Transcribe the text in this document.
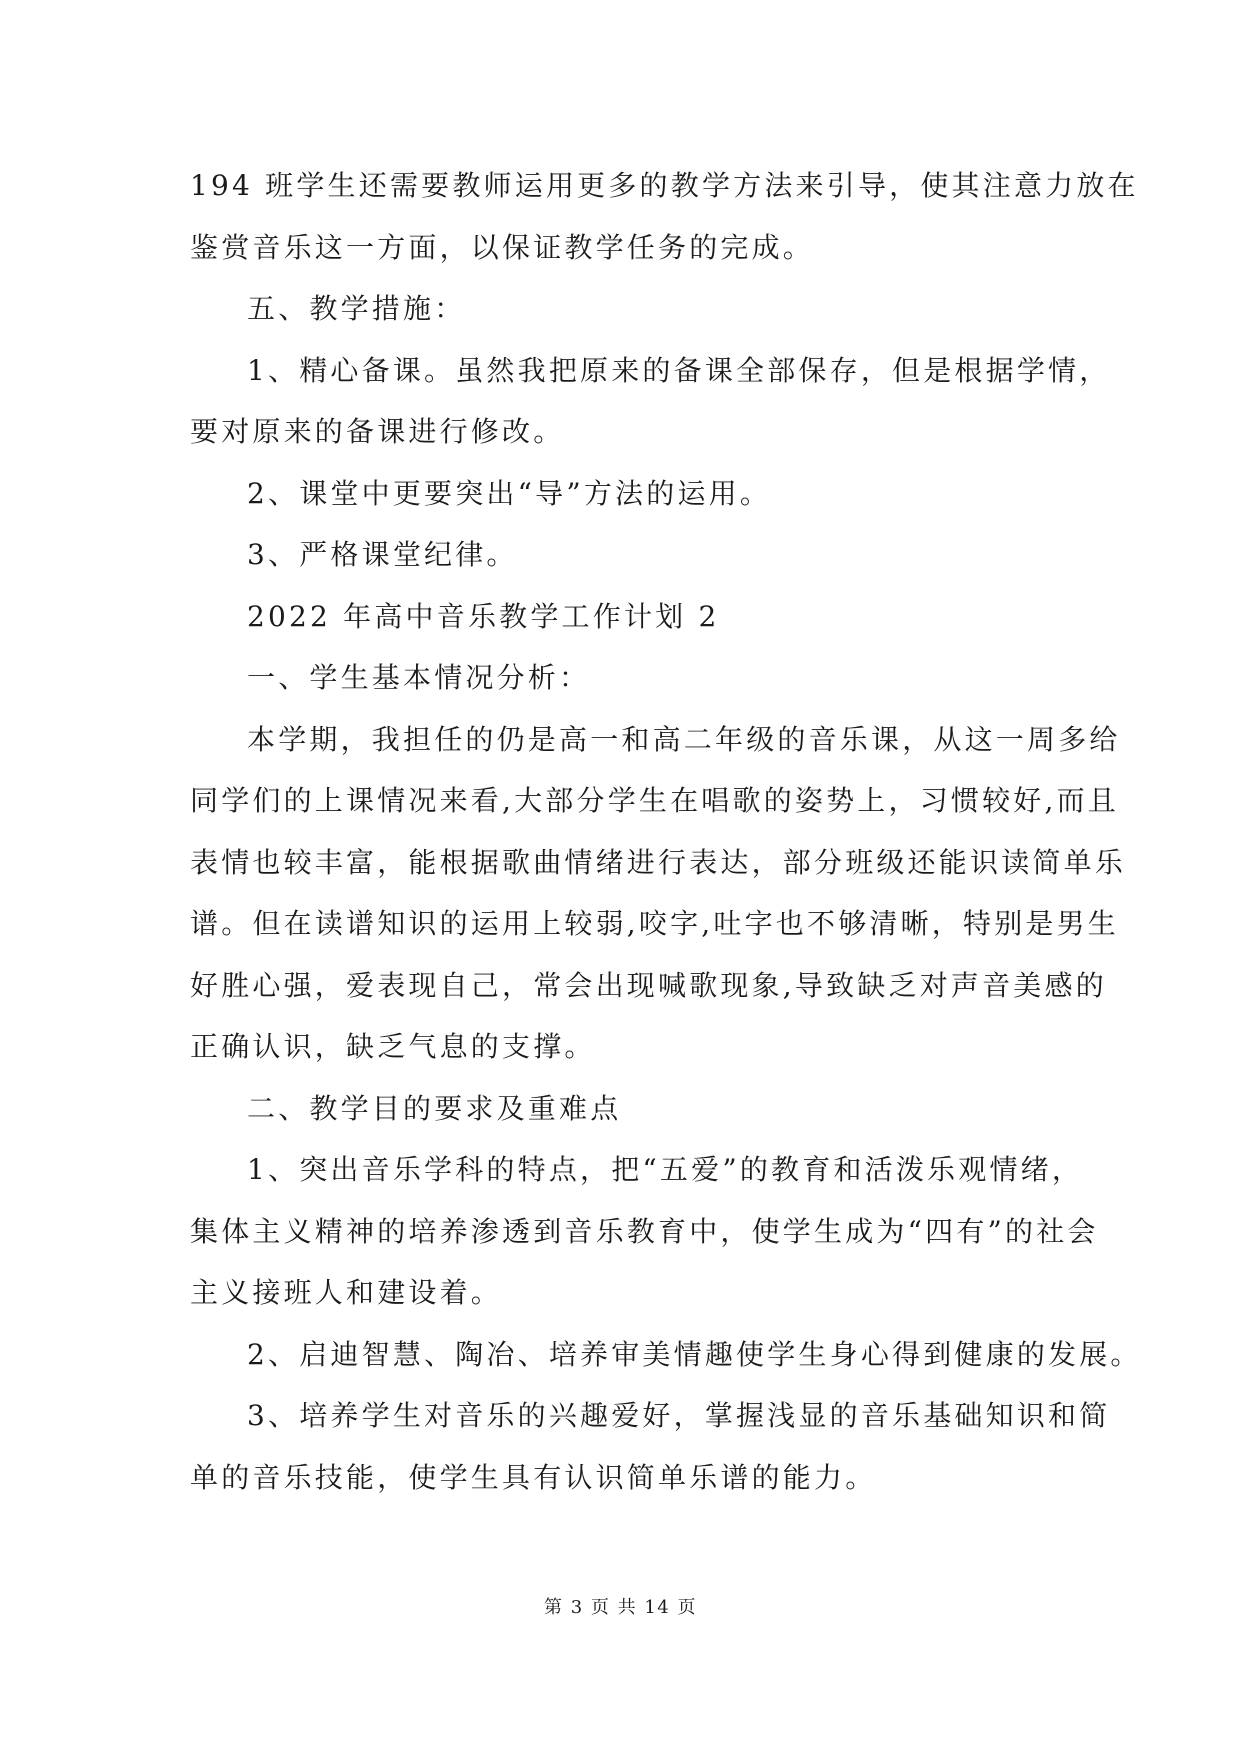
194 班学生还需要教师运用更多的教学方法来引导，使其注意力放在
鉴赏音乐这一方面，以保证教学任务的完成。
五、教学措施：
1、精心备课。虽然我把原来的备课全部保存，但是根据学情，
要对原来的备课进行修改。
2、课堂中更要突出“导”方法的运用。
3、严格课堂纪律。
2022 年高中音乐教学工作计划 2
一、学生基本情况分析：
本学期，我担任的仍是高一和高二年级的音乐课，从这一周多给
同学们的上课情况来看,大部分学生在唱歌的姿势上，习惯较好,而且
表情也较丰富，能根据歌曲情绪进行表达，部分班级还能识读简单乐
谱。但在读谱知识的运用上较弱,咬字,吐字也不够清晰，特别是男生
好胜心强，爱表现自己，常会出现喊歌现象,导致缺乏对声音美感的
正确认识，缺乏气息的支撑。
二、教学目的要求及重难点
1、突出音乐学科的特点，把“五爱”的教育和活泼乐观情绪，
集体主义精神的培养渗透到音乐教育中，使学生成为“四有”的社会
主义接班人和建设着。
2、启迪智慧、陶冶、培养审美情趣使学生身心得到健康的发展。
3、培养学生对音乐的兴趣爱好，掌握浅显的音乐基础知识和简
单的音乐技能，使学生具有认识简单乐谱的能力。
第 3 页 共 14 页
